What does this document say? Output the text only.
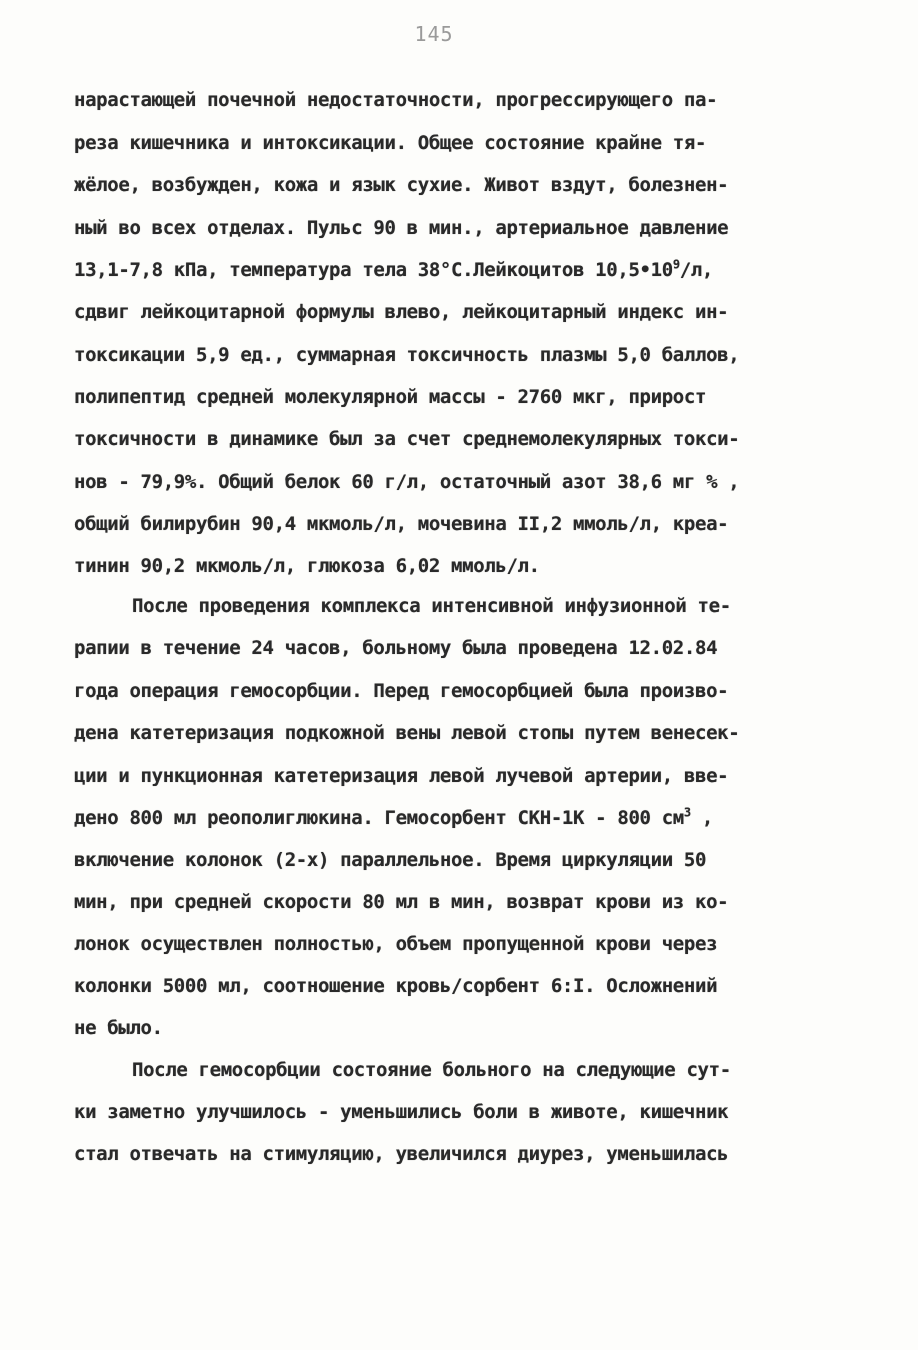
145
нарастающей почечной недостаточности, прогрессирующего па-
реза кишечника и интоксикации. Общее состояние крайне тя-
жёлое, возбужден, кожа и язык сухие. Живот вздут, болезнен-
ный во всех отделах. Пульс 90 в мин., артериальное давление
13,1-7,8 кПа, температура тела 38°С.Лейкоцитов $10,5•10^9/л$,
сдвиг лейкоцитарной формулы влево, лейкоцитарный индекс ин-
токсикации 5,9 ед., суммарная токсичность плазмы 5,0 баллов,
полипептид средней молекулярной массы - 2760 мкг, прирост
токсичности в динамике был за счет среднемолекулярных токси-
нов - 79,9%. Общий белок 60 г/л, остаточный азот 38,6 мг % ,
общий билирубин 90,4 мкмоль/л, мочевина II,2 ммоль/л, креа-
тинин 90,2 мкмоль/л, глюкоза 6,02 ммоль/л.
После проведения комплекса интенсивной инфузионной те-
рапии в течение 24 часов, больному была проведена 12.02.84
года операция гемосорбции. Перед гемосорбцией была произво-
дена катетеризация подкожной вены левой стопы путем венесек-
ции и пункционная катетеризация левой лучевой артерии, вве-
дено 800 мл реополиглюкина. Гемосорбент СКН-1К - 800 $см^3$ ,
включение колонок (2-х) параллельное. Время циркуляции 50
мин, при средней скорости 80 мл в мин, возврат крови из ко-
лонок осуществлен полностью, объем пропущенной крови через
колонки 5000 мл, соотношение кровь/сорбент 6:I. Осложнений
не было.
После гемосорбции состояние больного на следующие сут-
ки заметно улучшилось - уменьшились боли в животе, кишечник
стал отвечать на стимуляцию, увеличился диурез, уменьшилась
